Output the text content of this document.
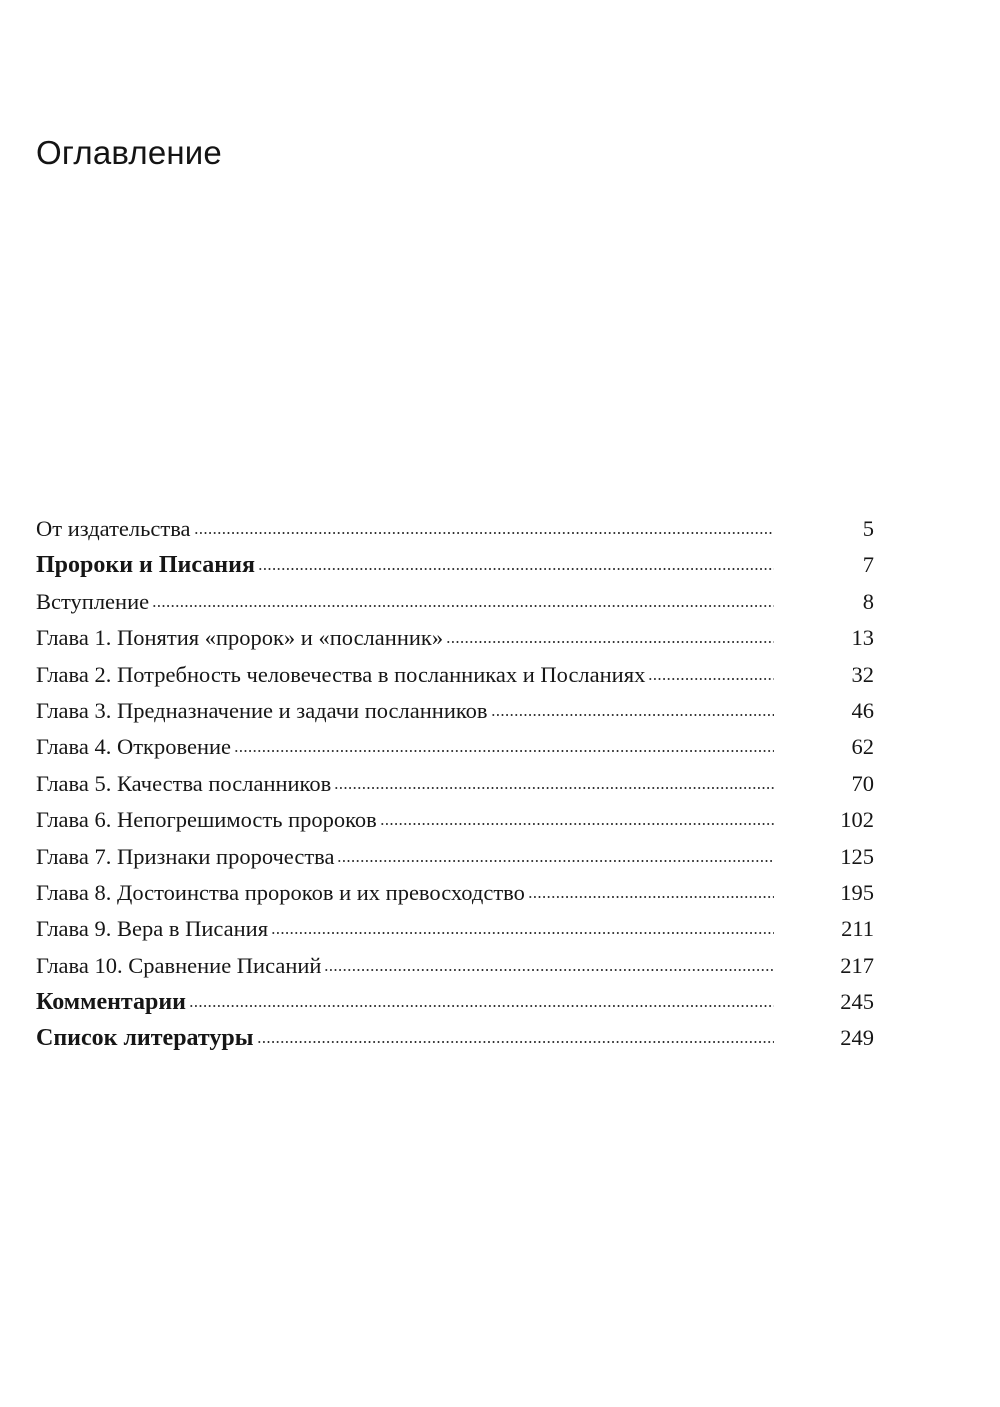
Оглавление
От издательства	5
Пророки и Писания	7
Вступление	8
Глава 1. Понятия «пророк» и «посланник»	13
Глава 2. Потребность человечества в посланниках и Посланиях	32
Глава 3. Предназначение и задачи посланников	46
Глава 4. Откровение	62
Глава 5. Качества посланников	70
Глава 6. Непогрешимость пророков	102
Глава 7. Признаки пророчества	125
Глава 8. Достоинства пророков и их превосходство	195
Глава 9. Вера в Писания	211
Глава 10. Сравнение Писаний	217
Комментарии	245
Список литературы	249
